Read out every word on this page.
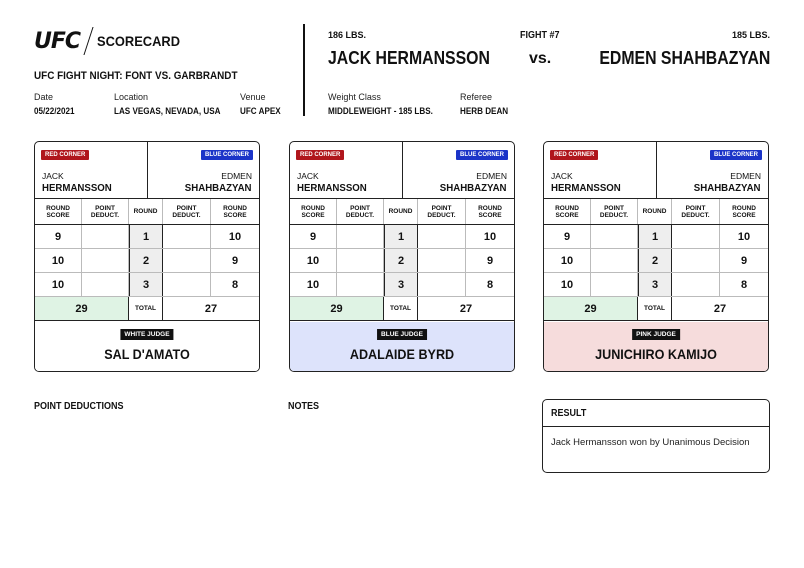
UFC SCORECARD
UFC FIGHT NIGHT: FONT VS. GARBRANDT
Date
05/22/2021
Location
LAS VEGAS, NEVADA, USA
Venue
UFC APEX
186 LBS.	FIGHT #7	185 LBS.
JACK HERMANSSON vs.	EDMEN SHAHBAZYAN
Weight Class
MIDDLEWEIGHT - 185 LBS.
Referee
HERB DEAN
RED CORNER	BLUE CORNER
JACK
HERMANSSON
EDMEN
SHAHBAZYAN
ROUND SCORE
POINT DEDUCT.	ROUND	POINT DEDUCT.
ROUND SCORE
9	1	10
10	2	9
10	3	8
29	TOTAL	27
WHITE JUDGE
SAL D'AMATO
RED CORNER	BLUE CORNER
JACK
HERMANSSON
EDMEN
SHAHBAZYAN
ROUND SCORE
POINT DEDUCT.	ROUND	POINT DEDUCT.
ROUND SCORE
9	1	10
10	2	9
10	3	8
29	TOTAL	27
BLUE JUDGE
ADALAIDE BYRD
RED CORNER	BLUE CORNER
JACK
HERMANSSON
EDMEN
SHAHBAZYAN
ROUND SCORE
POINT DEDUCT.	ROUND	POINT DEDUCT.
ROUND SCORE
9	1	10
10	2	9
10	3	8
29	TOTAL	27
PINK JUDGE
JUNICHIRO KAMIJO
POINT DEDUCTIONS	NOTES
RESULT
Jack Hermansson won by Unanimous Decision
